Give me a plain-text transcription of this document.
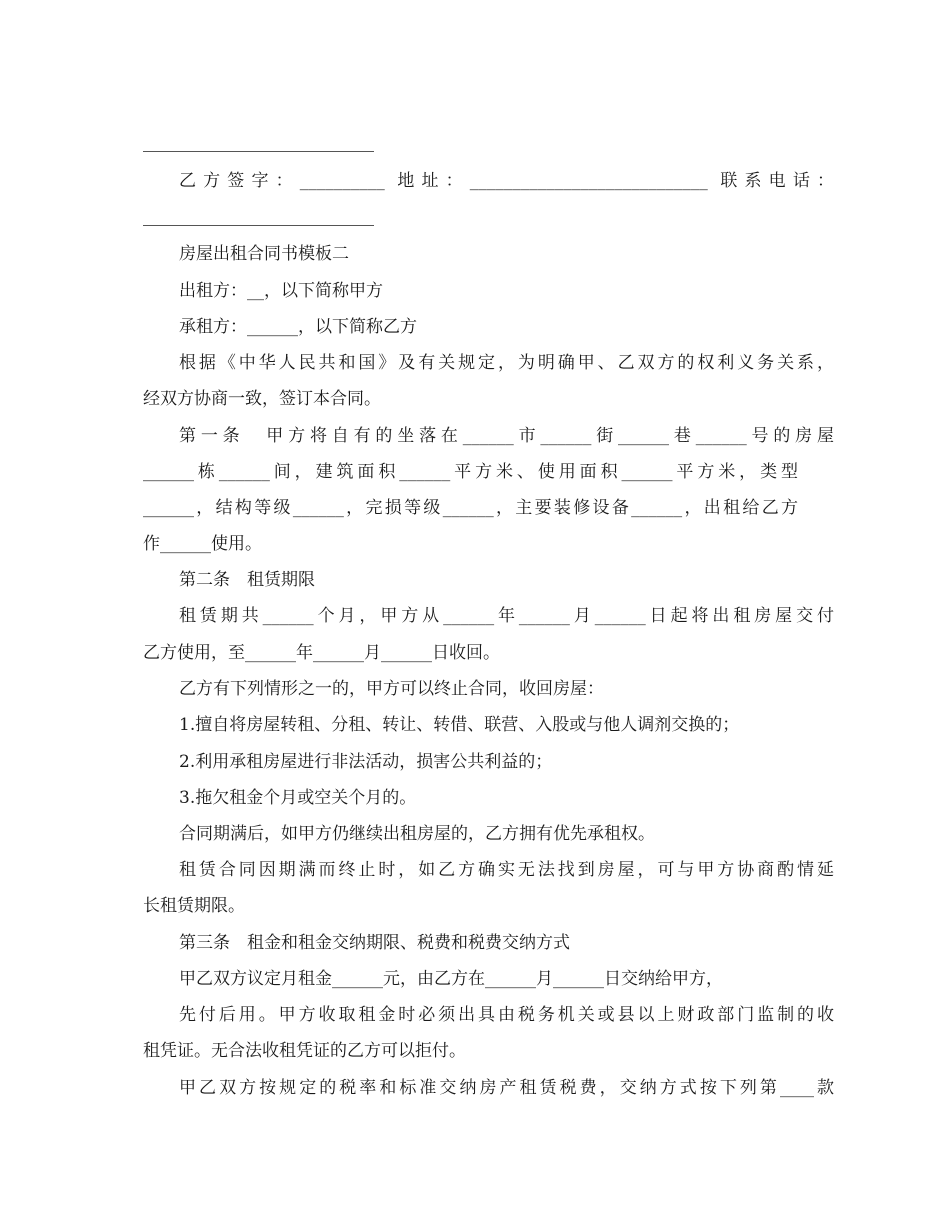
乙方签字：__________ 地址：____________________________ 联系电话：
房屋出租合同书模板二
出租方：__，以下简称甲方
承租方：______，以下简称乙方
根据《中华人民共和国》及有关规定，为明确甲、乙双方的权利义务关系，
经双方协商一致，签订本合同。
第一条　甲方将自有的坐落在______市______街______巷______号的房屋
______栋______间，建筑面积______平方米、使用面积______平方米，类型
______，结构等级______，完损等级______，主要装修设备______，出租给乙方
作______使用。
第二条　租赁期限
租赁期共______个月，甲方从______年______月______日起将出租房屋交付
乙方使用，至______年______月______日收回。
乙方有下列情形之一的，甲方可以终止合同，收回房屋：
1.擅自将房屋转租、分租、转让、转借、联营、入股或与他人调剂交换的；
2.利用承租房屋进行非法活动，损害公共利益的；
3.拖欠租金个月或空关个月的。
合同期满后，如甲方仍继续出租房屋的，乙方拥有优先承租权。
租赁合同因期满而终止时，如乙方确实无法找到房屋，可与甲方协商酌情延
长租赁期限。
第三条　租金和租金交纳期限、税费和税费交纳方式
甲乙双方议定月租金______元，由乙方在______月______日交纳给甲方，
先付后用。甲方收取租金时必须出具由税务机关或县以上财政部门监制的收
租凭证。无合法收租凭证的乙方可以拒付。
甲乙双方按规定的税率和标准交纳房产租赁税费，交纳方式按下列第____款
